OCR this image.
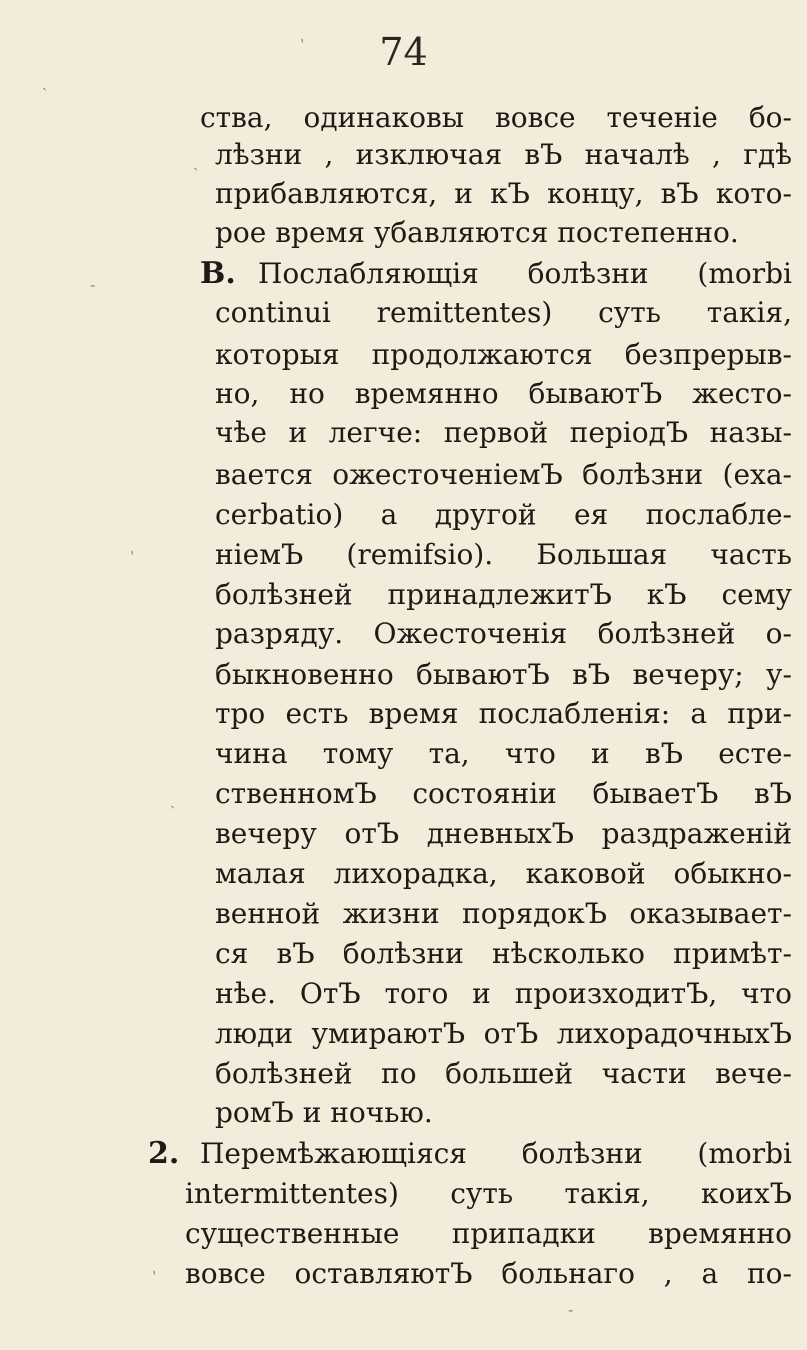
74
ства, одинаковы вовсе теченіе бо-
лѣзни , изключая вЪ началѣ , гдѣ
прибавляются, и кЪ концу, вЪ кото-
рое время убавляются постепенно.
B. Послабляющія болѣзни (morbi
continui remittentes) суть такія,
которыя продолжаются безпрерыв-
но, но времянно бываютЪ жесто-
чѣе и легче: первой періодЪ назы-
вается ожесточеніемЪ болѣзни (exa-
cerbatio) а другой ея послабле-
ніемЪ (remifsio). Большая часть
болѣзней принадлежитЪ кЪ сему
разряду. Ожесточенія болѣзней о-
быкновенно бываютЪ вЪ вечеру; у-
тро есть время послабленія: а при-
чина тому та, что и вЪ есте-
ственномЪ состояніи бываетЪ вЪ
вечеру отЪ дневныхЪ раздраженій
малая лихорадка, каковой обыкно-
венной жизни порядокЪ оказывает-
ся вЪ болѣзни нѣсколько примѣт-
нѣе. ОтЪ того и произходитЪ, что
люди умираютЪ отЪ лихорадочныхЪ
болѣзней по большей части вече-
ромЪ и ночью.
2. Перемѣжающіяся болѣзни (morbi
intermittentes) суть такія, коихЪ
существенные припадки времянно
вовсе оставляютЪ больнаго , а по-
ˎ
ˈ
ˏ
-
ˈ
ˏ
ˈ
-
